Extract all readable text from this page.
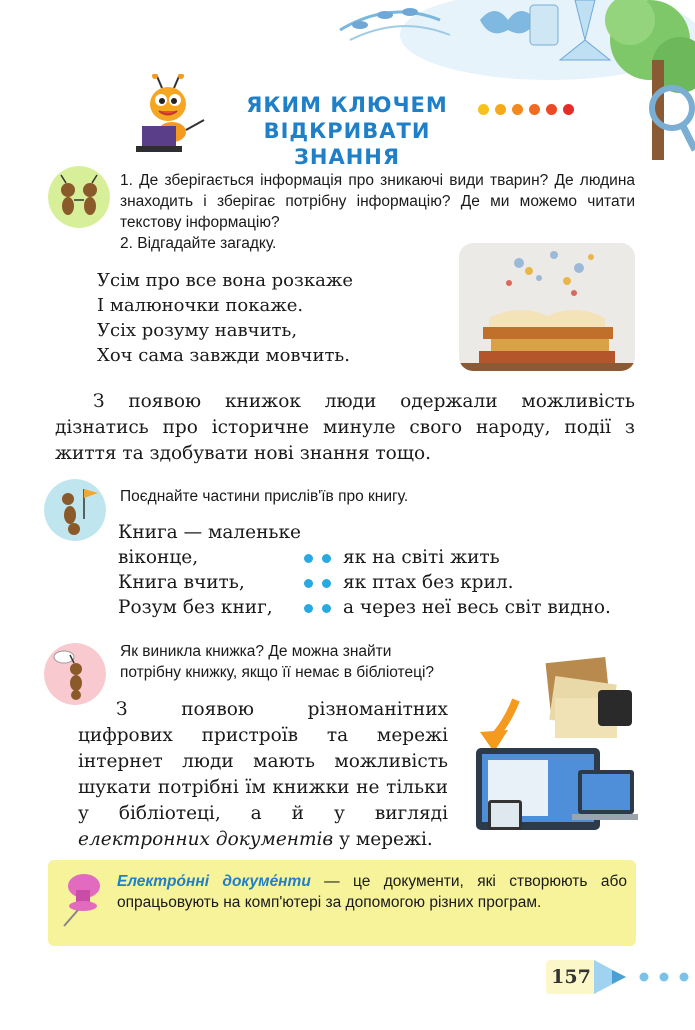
ЯКИМ КЛЮЧЕМ
ВІДКРИВАТИ ЗНАННЯ
1. Де зберігається інформація про зникаючі види тварин? Де людина знаходить і зберігає потрібну інформацію? Де ми можемо читати текстову інформацію?
2. Відгадайте загадку.
Усім про все вона розкаже
І малюночки покаже.
Усіх розуму навчить,
Хоч сама завжди мовчить.
З появою книжок люди одержали можливість дізнатись про історичне минуле свого народу, події з життя та здобувати нові знання тощо.
Поєднайте частини прислів'їв про книгу.
Книга — маленьке
віконце,
Книга вчить,
Розум без книг,
як на світі жить
як птах без крил.
а через неї весь світ видно.
Як виникла книжка? Де можна знайти
потрібну книжку, якщо її немає в бібліотеці?
З появою різноманітних цифрових пристроїв та мережі інтернет люди мають можливість шукати потрібні їм книжки не тільки у бібліотеці, а й у вигляді електронних документів у мережі.
Електро́нні докуме́нти — це документи, які створюють або опрацьовують на комп'ютері за допомогою різних програм.
157
